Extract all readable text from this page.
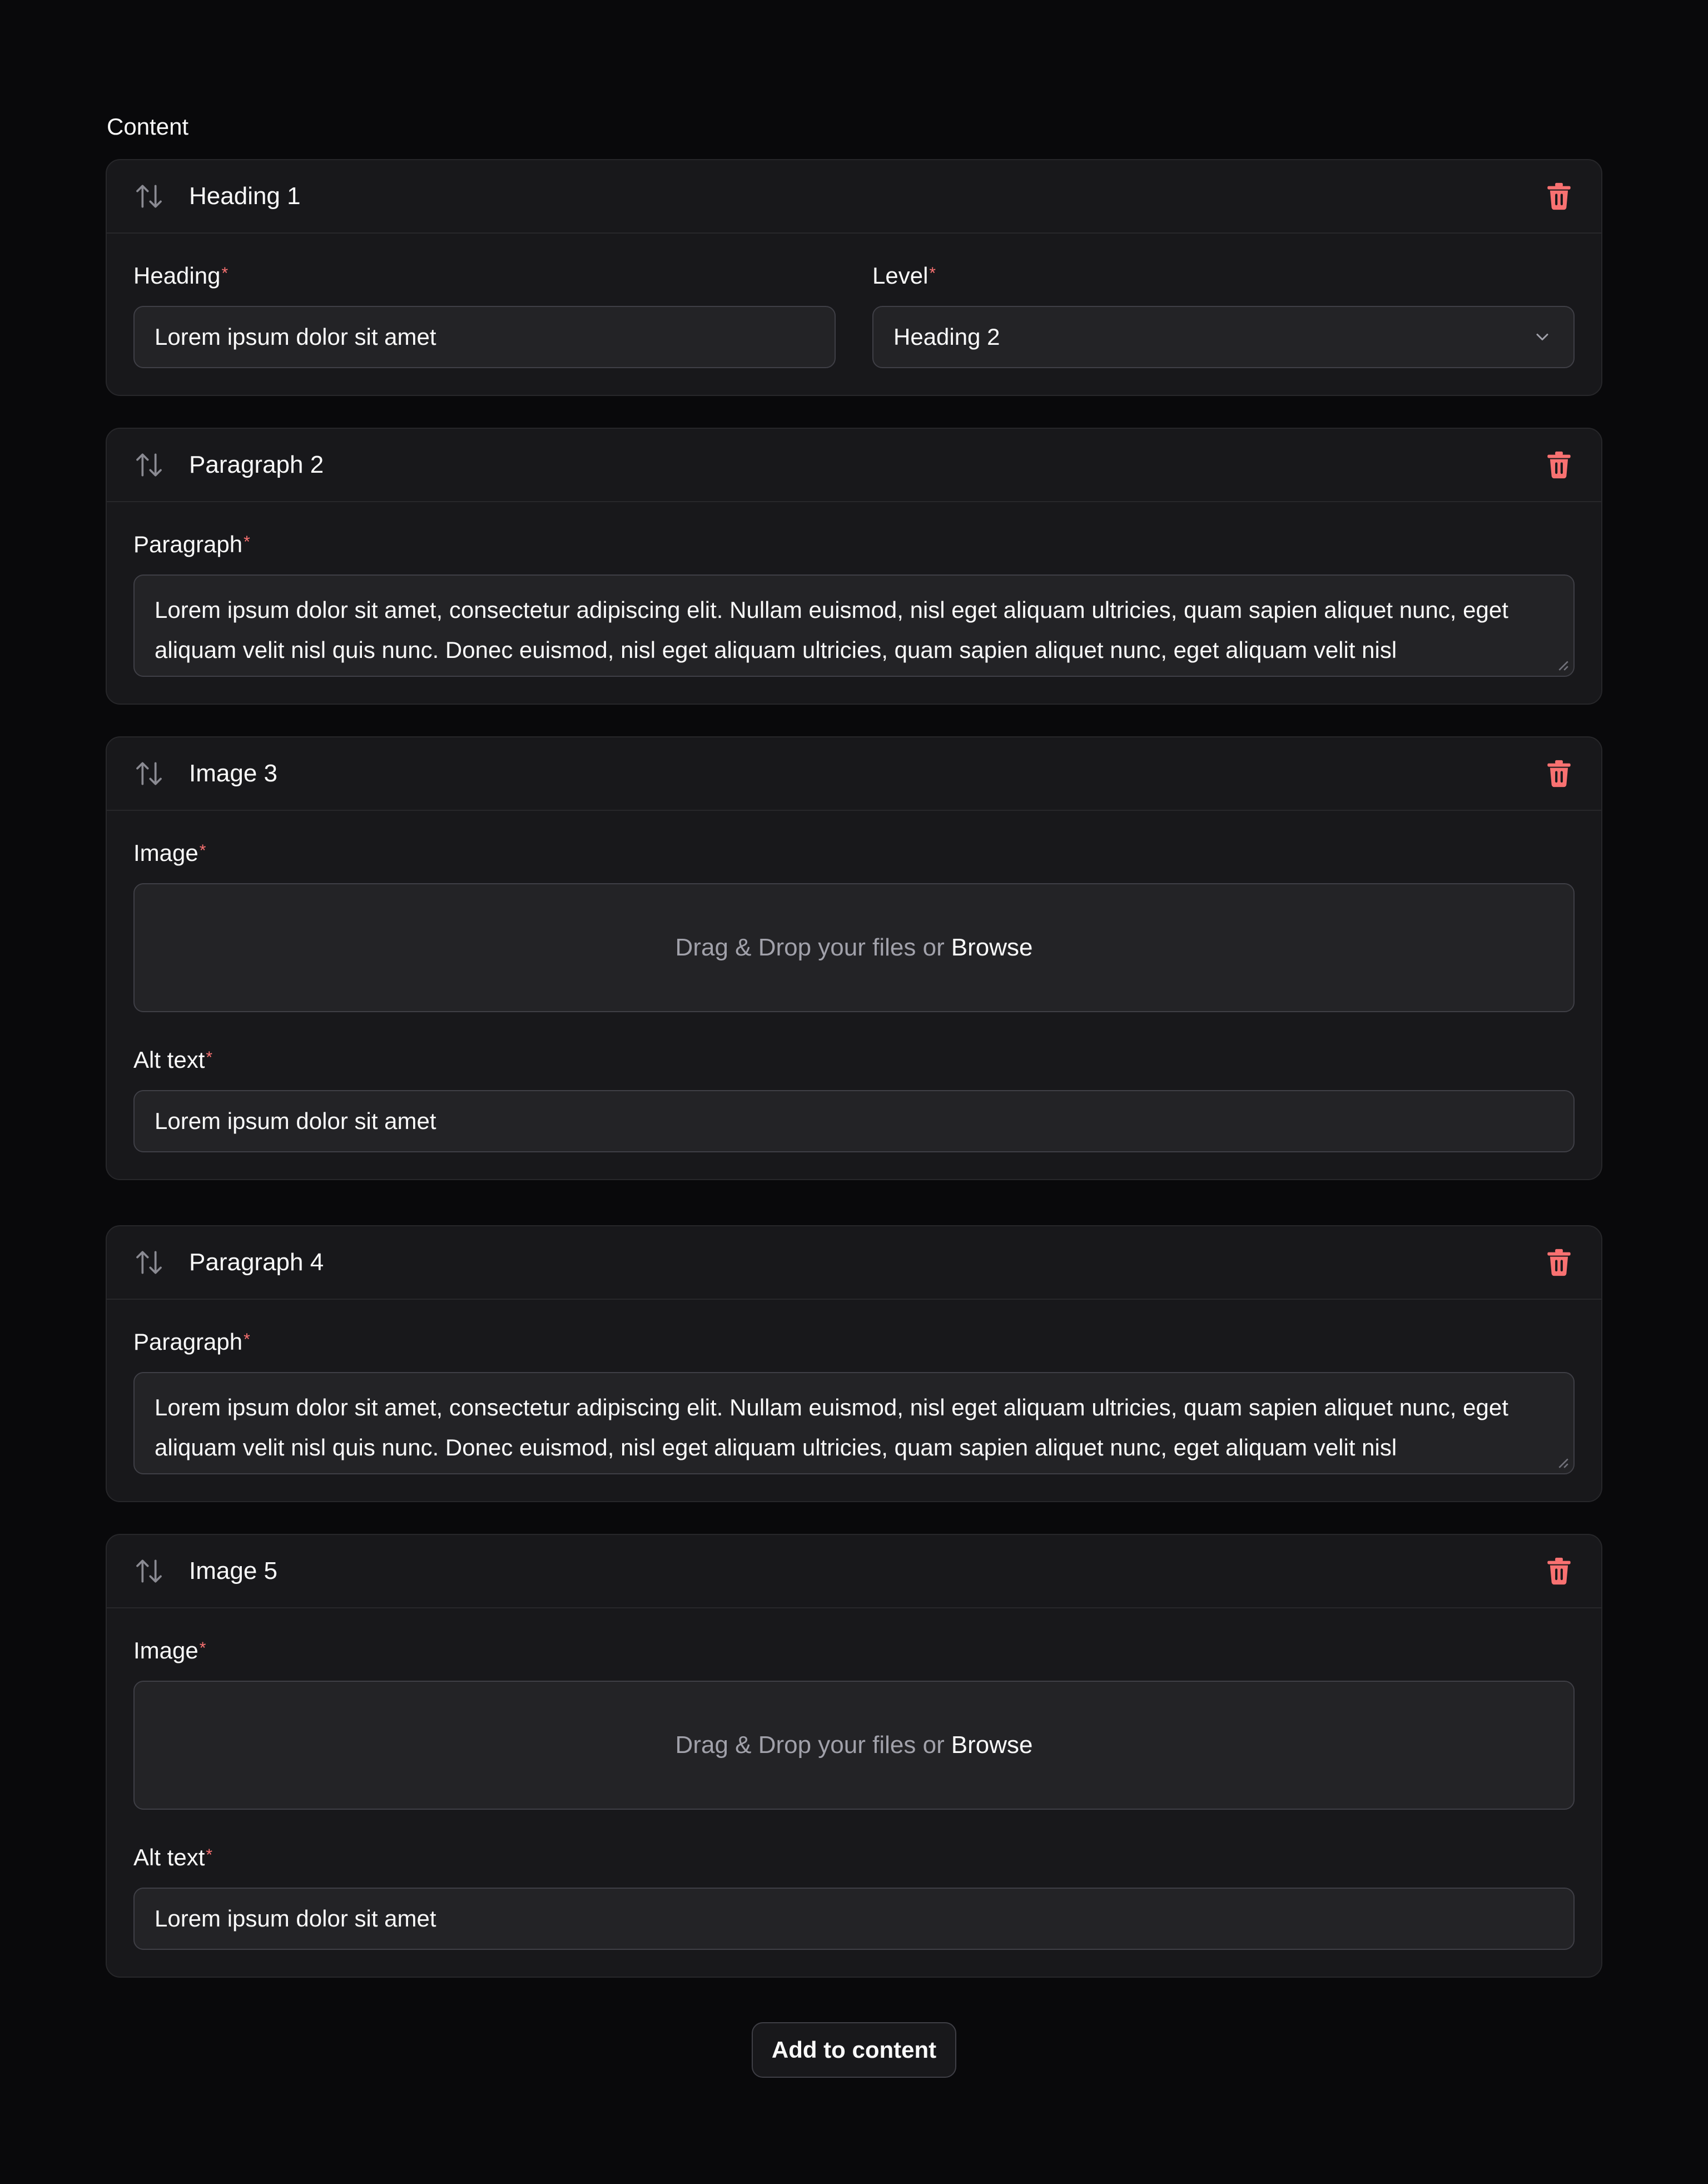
Content
Heading 1
Heading*
Lorem ipsum dolor sit amet
Level*
Heading 2
Paragraph 2
Paragraph*
Lorem ipsum dolor sit amet, consectetur adipiscing elit. Nullam euismod, nisl eget aliquam ultricies, quam sapien aliquet nunc, eget aliquam velit nisl quis nunc. Donec euismod, nisl eget aliquam ultricies, quam sapien aliquet nunc, eget aliquam velit nisl
Image 3
Image*
Drag & Drop your files or Browse
Alt text*
Lorem ipsum dolor sit amet
Paragraph 4
Paragraph*
Lorem ipsum dolor sit amet, consectetur adipiscing elit. Nullam euismod, nisl eget aliquam ultricies, quam sapien aliquet nunc, eget aliquam velit nisl quis nunc. Donec euismod, nisl eget aliquam ultricies, quam sapien aliquet nunc, eget aliquam velit nisl
Image 5
Image*
Drag & Drop your files or Browse
Alt text*
Lorem ipsum dolor sit amet
Add to content
